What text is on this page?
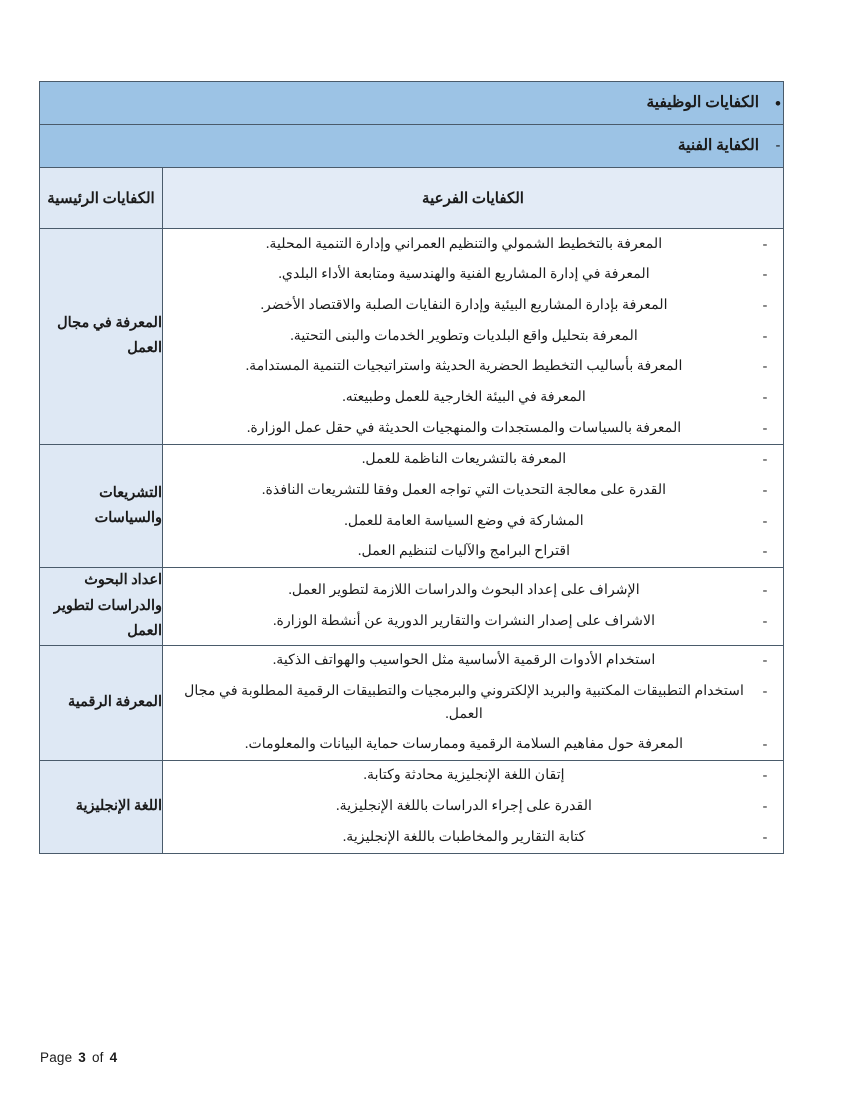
•
الكفايات الوظيفية	

-
الكفاية الفنية	

الكفايات الفرعية	الكفايات الرئيسية

-
المعرفة بالتخطيط الشمولي والتنظيم العمراني وإدارة التنمية المحلية.
-
المعرفة في إدارة المشاريع الفنية والهندسية ومتابعة الأداء البلدي.
-
المعرفة بإدارة المشاريع البيئية وإدارة النفايات الصلبة والاقتصاد الأخضر.
-
المعرفة بتحليل واقع البلديات وتطوير الخدمات والبنى التحتية.
-
المعرفة بأساليب التخطيط الحضرية الحديثة واستراتيجيات التنمية المستدامة.
-
المعرفة في البيئة الخارجية للعمل وطبيعته.
-
المعرفة بالسياسات والمستجدات والمنهجيات الحديثة في حقل عمل الوزارة.
	المعرفة في مجال العمل

-
المعرفة بالتشريعات الناظمة للعمل.
-
القدرة على معالجة التحديات التي تواجه العمل وفقا للتشريعات النافذة.
-
المشاركة في وضع السياسة العامة للعمل.
-
اقتراح البرامج والآليات لتنظيم العمل.
	التشريعات والسياسات

-
الإشراف على إعداد البحوث والدراسات اللازمة لتطوير العمل.
-
الاشراف على إصدار النشرات والتقارير الدورية عن أنشطة الوزارة.
	اعداد البحوث والدراسات لتطوير العمل

-
استخدام الأدوات الرقمية الأساسية مثل الحواسيب والهواتف الذكية.
-
استخدام التطبيقات المكتبية والبريد الإلكتروني والبرمجيات والتطبيقات الرقمية المطلوبة في مجال العمل.
-
المعرفة حول مفاهيم السلامة الرقمية وممارسات حماية البيانات والمعلومات.
	المعرفة الرقمية

-
إتقان اللغة الإنجليزية محادثة وكتابة.
-
القدرة على إجراء الدراسات باللغة الإنجليزية.
-
كتابة التقارير والمخاطبات باللغة الإنجليزية.
	اللغة الإنجليزية
Page 3 of 4
